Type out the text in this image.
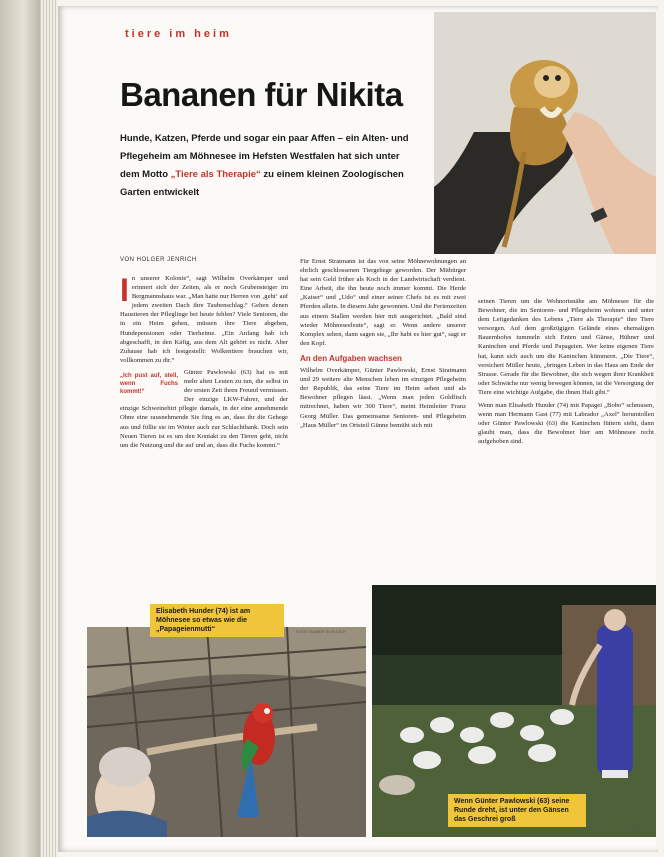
tiere im heim
Bananen für Nikita
Hunde, Katzen, Pferde und sogar ein paar Affen – ein Alten- und Pflegeheim am Möhnesee im Hefsten Westfalen hat sich unter dem Motto „Tiere als Therapie“ zu einem kleinen Zoologischen Garten entwickelt
VON HOLGER JENRICH
I n unserer Kolonie“, sagt Wilhelm Overkämper und erinnert sich der Zeiten, als er noch Grubensteiger im Bergmannshaus war. „Man hatte nur Herren von ‚geht‘ auf jedem zweiten Dach ihre Taubenschlag.“ Gehen denen Haustieren der Pfleglinge bei heute fehlen? Viele Senioren, die in ein Heim gehen, müssen ihre Tiere abgeben, Hundepensionen oder Tierheime. „Ein Anfang hab ich abgeschafft, in den Käfig, aus dem Alt gehört es nicht. Aber Zuhause hab ich festgestellt: Wolkentiere brauchen wir, vollkommen zu dir.“

„Ich pust auf, stell, wenn Fuchs kommt!“
Günter Pawlowski (63) hat es mit mehr alten Leuten zu tun, die selbst in der ersten Zeit ihren Freund vermissen. Der einzige LKW-Fahrer, und der einzige Schweinehirt pflegte damals, in der eine annehmende Ohne eine rausnehmende Sie fing es an, dass ihr die Gehege aus und füllte sie im Winter auch zur Schlachtbank. Doch sein Neuen Tieren ist es um den Kontakt zu den Tieren geht, nicht um die Nutzung und die auf und an, dass die Fuchs kommt.“

Für Ernst Stratmann ist das von seine Möhnewohnungen an ehrlich geschlossenen Tiergehege geworden. Der Mitbürger hat sein Geld früher als Koch in der Landwirtschaft verdient. Eine Arbeit, die ihn heute noch immer kommt. Die Herde „Kaiser“ und „Udo“ und einer seiner Chefs ist es mit zwei Pferden allein. In diesem Jahr gewonnen. Und die Ferienzeiten aus einem Stallen werden hier mit ausgerichtet. „Bald sind wieder Möhneseeleute“, sagt er. Wenn andere unserer Komplex sehen, dann sagen sie, „Ihr habt es hier gut“, sagt er den Kopf.
An den Aufgaben wachsen
Wilhelm Overkämper, Günter Pawlowski, Ernst Stratmann und 29 weitere alte Menschen leben im einzigen Pflegeheim der Republik, das seine Tiere im Heim sehen und als Bewohner pflegen lässt. „Wenn man jeden Goldfisch mitrechnet, haben wir 300 Tiere“, meint Heimleiter Franz Georg Müller. Das gemeinsame Senioren- und Pflegeheim „Haus Müller“ im Ortsteil Günne bemüht sich mit
seinen Tieren um die Wohnortsnähe am Möhnesee für die Bewohner, die im Senioren- und Pflegeheim wohnen und unter dem Leitgedanken des Lebens „Tiere als Therapie“ ihre Tiere versorgen. Auf dem großzügigen Gelände eines ehemaligen Bauernhofes tummeln sich Enten und Gänse, Hühner und Kaninchen und Pferde und Papageien. Wer keine eigenen Tiere hat, kann sich auch um die Kaninchen kümmern. „Die Tiere“, versichert Müller heute, „bringen Leben in das Haus am Ende der Strasse. Gerade für die Bewohner, die sich wegen ihrer Krankheit oder Schwäche nur wenig bewegen können, ist die Versorgung der Tiere eine wichtige Aufgabe, die ihnen Halt gibt.“
Wenn man Elisabeth Hunder (74) mit Papagei „Bobo“ schmusen, wenn man Hermann Gast (77) mit Labrador „Axel“ herumtollen oder Günter Pawlowski (63) die Kaninchen füttern sieht, dann glaubt man, dass die Bewohner hier am Möhnesee recht aufgehoben sind.
FOTO: RAINER SCHLEICH
FOTO: R. SCHLEICH
Elisabeth Hunder (74) ist am Möhnesee so etwas wie die „Papageienmutti“
Wenn Günter Pawlowski (63) seine Runde dreht, ist unter den Gänsen das Geschrei groß
